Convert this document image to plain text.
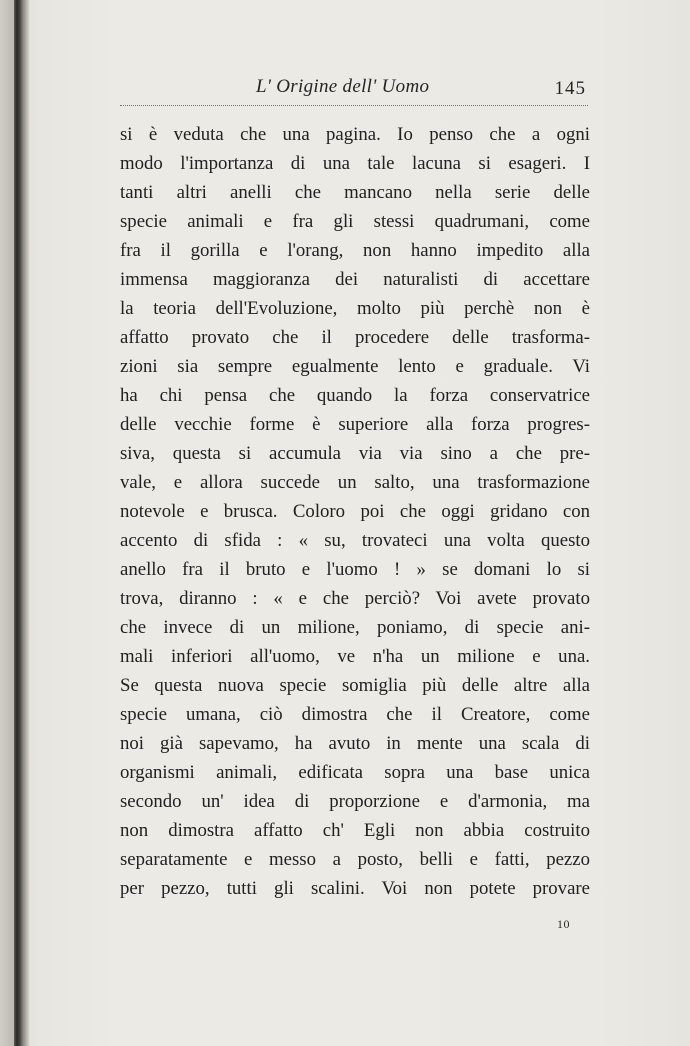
L' Origine dell' Uomo	145
si è veduta che una pagina. Io penso che a ogni
modo l'importanza di una tale lacuna si esageri. I
tanti altri anelli che mancano nella serie delle
specie animali e fra gli stessi quadrumani, come
fra il gorilla e l'orang, non hanno impedito alla
immensa maggioranza dei naturalisti di accettare
la teoria dell'Evoluzione, molto più perchè non è
affatto provato che il procedere delle trasforma-
zioni sia sempre egualmente lento e graduale. Vi
ha chi pensa che quando la forza conservatrice
delle vecchie forme è superiore alla forza progres-
siva, questa si accumula via via sino a che pre-
vale, e allora succede un salto, una trasformazione
notevole e brusca. Coloro poi che oggi gridano con
accento di sfida : « su, trovateci una volta questo
anello fra il bruto e l'uomo ! » se domani lo si
trova, diranno : « e che perciò? Voi avete provato
che invece di un milione, poniamo, di specie ani-
mali inferiori all'uomo, ve n'ha un milione e una.
Se questa nuova specie somiglia più delle altre alla
specie umana, ciò dimostra che il Creatore, come
noi già sapevamo, ha avuto in mente una scala di
organismi animali, edificata sopra una base unica
secondo un' idea di proporzione e d'armonia, ma
non dimostra affatto ch' Egli non abbia costruito
separatamente e messo a posto, belli e fatti, pezzo
per pezzo, tutti gli scalini. Voi non potete provare
10
